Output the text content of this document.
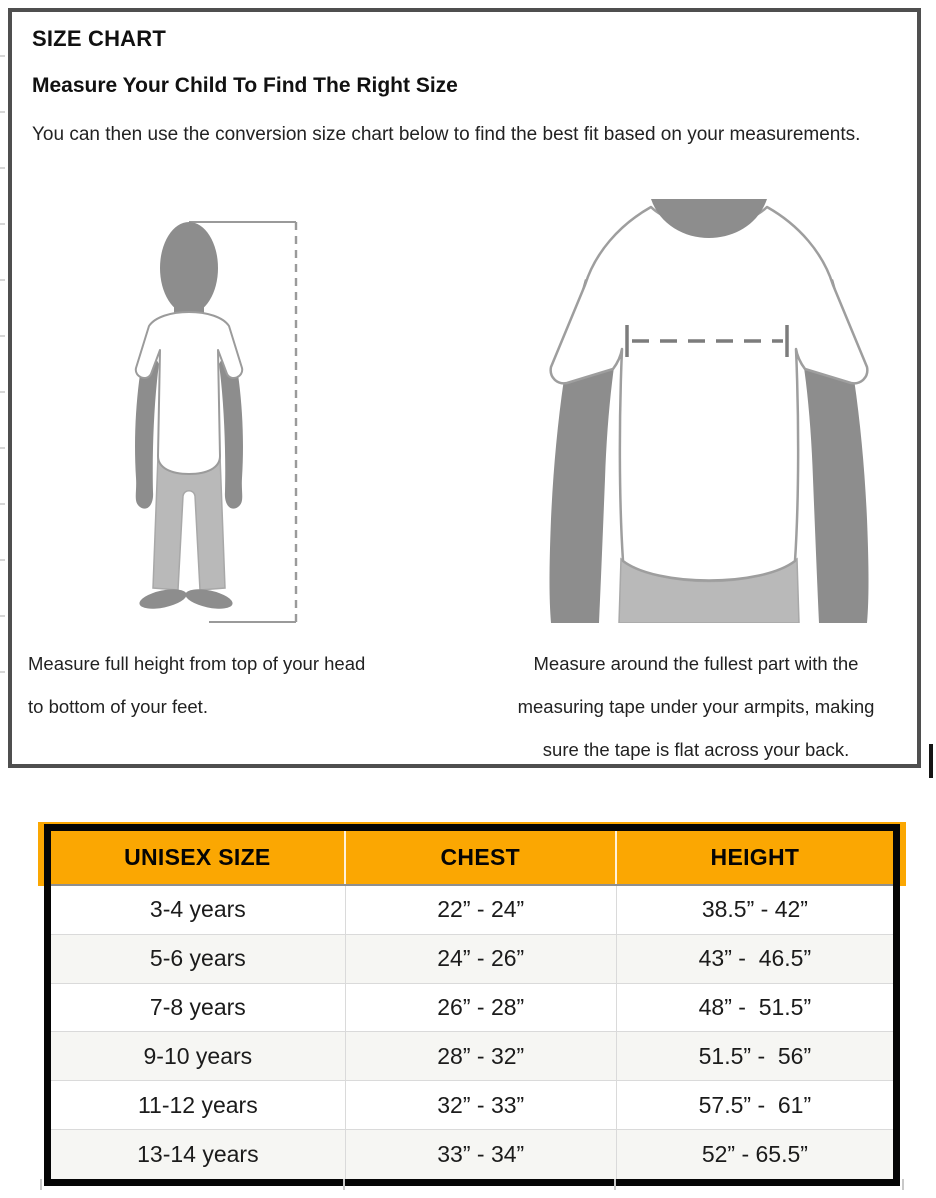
SIZE CHART
Measure Your Child To Find The Right Size
You can then use the conversion size chart below to find the best fit based on your measurements.
Measure full height from top of your head
to bottom of your feet.
Measure around the fullest part with the
measuring tape under your armpits, making
sure the tape is flat across your back.
UNISEX SIZE	CHEST	HEIGHT
3-4 years	22” - 24”	38.5” - 42”
5-6 years	24” - 26”	43” -  46.5”
7-8 years	26” - 28”	48” -  51.5”
9-10 years	28” - 32”	51.5” -  56”
11-12 years	32” - 33”	57.5” -  61”
13-14 years	33” - 34”	52” - 65.5”
